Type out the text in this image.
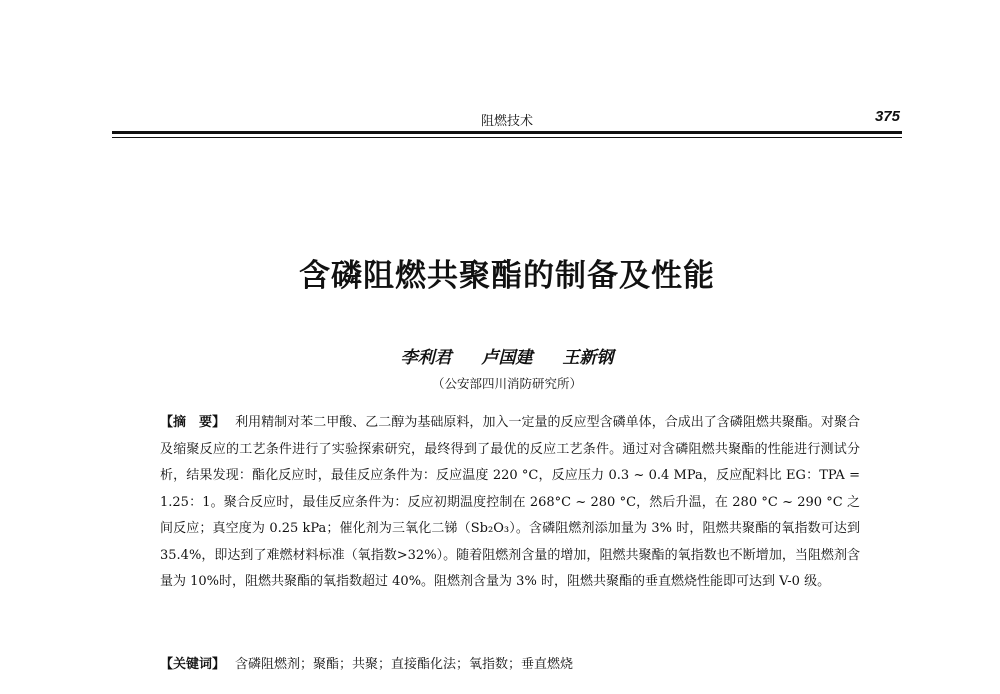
阻燃技术	375
含磷阻燃共聚酯的制备及性能
李利君 卢国建 王新钢
（公安部四川消防研究所）
【摘　要】 利用精制对苯二甲酸、乙二醇为基础原料，加入一定量的反应型含磷单体，合成出了含磷阻燃共聚酯。对聚合及缩聚反应的工艺条件进行了实验探索研究，最终得到了最优的反应工艺条件。通过对含磷阻燃共聚酯的性能进行测试分析，结果发现：酯化反应时，最佳反应条件为：反应温度 220 °C，反应压力 0.3 ~ 0.4 MPa，反应配料比 EG：TPA = 1.25：1。聚合反应时，最佳反应条件为：反应初期温度控制在 268°C ~ 280 °C，然后升温，在 280 °C ~ 290 °C 之间反应；真空度为 0.25 kPa；催化剂为三氧化二锑（Sb₂O₃）。含磷阻燃剂添加量为 3% 时，阻燃共聚酯的氧指数可达到 35.4%，即达到了难燃材料标准（氧指数>32%）。随着阻燃剂含量的增加，阻燃共聚酯的氧指数也不断增加，当阻燃剂含量为 10%时，阻燃共聚酯的氧指数超过 40%。阻燃剂含量为 3% 时，阻燃共聚酯的垂直燃烧性能即可达到 V-0 级。
【关键词】 含磷阻燃剂；聚酯；共聚；直接酯化法；氧指数；垂直燃烧
